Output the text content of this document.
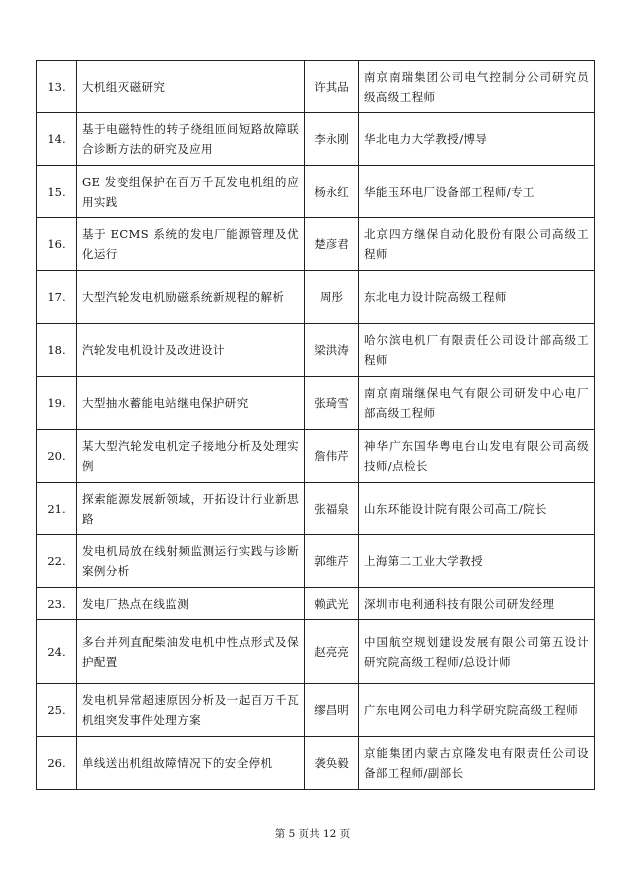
13.	大机组灭磁研究	许其品	南京南瑞集团公司电气控制分公司研究员级高级工程师
14.	基于电磁特性的转子绕组匝间短路故障联合诊断方法的研究及应用	李永刚	华北电力大学教授/博导
15.	GE 发变组保护在百万千瓦发电机组的应用实践	杨永红	华能玉环电厂设备部工程师/专工
16.	基于 ECMS 系统的发电厂能源管理及优化运行	楚彦君	北京四方继保自动化股份有限公司高级工程师
17.	大型汽轮发电机励磁系统新规程的解析	周彤	东北电力设计院高级工程师
18.	汽轮发电机设计及改进设计	梁洪涛	哈尔滨电机厂有限责任公司设计部高级工程师
19.	大型抽水蓄能电站继电保护研究	张琦雪	南京南瑞继保电气有限公司研发中心电厂部高级工程师
20.	某大型汽轮发电机定子接地分析及处理实例	詹伟芹	神华广东国华粤电台山发电有限公司高级技师/点检长
21.	探索能源发展新领域，开拓设计行业新思路	张福泉	山东环能设计院有限公司高工/院长
22.	发电机局放在线射频监测运行实践与诊断案例分析	郭维芹	上海第二工业大学教授
23.	发电厂热点在线监测	赖武光	深圳市电利通科技有限公司研发经理
24.	多台并列直配柴油发电机中性点形式及保护配置	赵亮亮	中国航空规划建设发展有限公司第五设计研究院高级工程师/总设计师
25.	发电机异常超速原因分析及一起百万千瓦机组突发事件处理方案	缪昌明	广东电网公司电力科学研究院高级工程师
26.	单线送出机组故障情况下的安全停机	袭奂毅	京能集团内蒙古京隆发电有限责任公司设备部工程师/副部长
第 5 页共 12 页
